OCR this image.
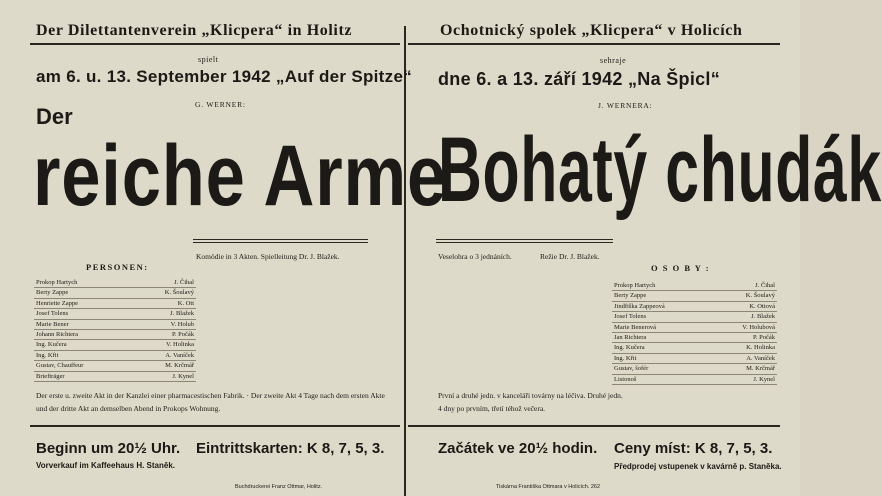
Der Dilettantenverein „Klicpera“ in Holitz
spielt
am 6. u. 13. September 1942 „Auf der Spitze“
G. WERNER:
Der
reiche Arme
Komödie in 3 Akten. Spielleitung Dr. J. Blažek.
PERSONEN:
Prokop Hartych	J. Čihal
Berty Zappe	K. Šoulavý
Henriette Zappe	K. Ott
Josef Tolens	J. Blažek
Marie Bener	V. Holub
Johann Richtera	P. Počák
Ing. Kučera	V. Holinka
Ing. Křit	A. Vaníček
Gustav, Chauffeur	M. Krčmář
Briefträger	J. Kynel
Der erste u. zweite Akt in der Kanzlei einer pharmacestischen Fabrik. · Der zweite Akt 4 Tage nach dem ersten Akte und der dritte Akt an demselben Abend in Prokops Wohnung.
Beginn um 20½ Uhr. Eintrittskarten: K 8, 7, 5, 3.
Vorverkauf im Kaffeehaus H. Staněk.
Buchdruckerei Franz Ottmar, Holitz.
Ochotnický spolek „Klicpera“ v Holicích
sehraje
dne 6. a 13. září 1942 „Na Špicl“
J. WERNERA:
Bohatý chudák
Veselohra o 3 jednáních.	Režie Dr. J. Blažek.
O S O B Y :
Prokop Hartych	J. Čihal
Berty Zappe	K. Šoulavý
Jindfiška Zappeová	K. Ottová
Josef Tolens	J. Blažek
Marie Benerová	V. Holubová
Jan Richtera	P. Počák
Ing. Kučera	K. Holinka
Ing. Křit	A. Vaníček
Gustav, šofér	M. Krčmář
Listonoš	J. Kynel
První a druhé jedn. v kanceláři továrny na léčiva. Druhé jedn. 4 dny po prvním, třetí téhož večera.
Začátek ve 20½ hodin. Ceny míst: K 8, 7, 5, 3.
Předprodej vstupenek v kavárně p. Staněka.
Tiskárna Františka Ottmara v Holicích. 262
